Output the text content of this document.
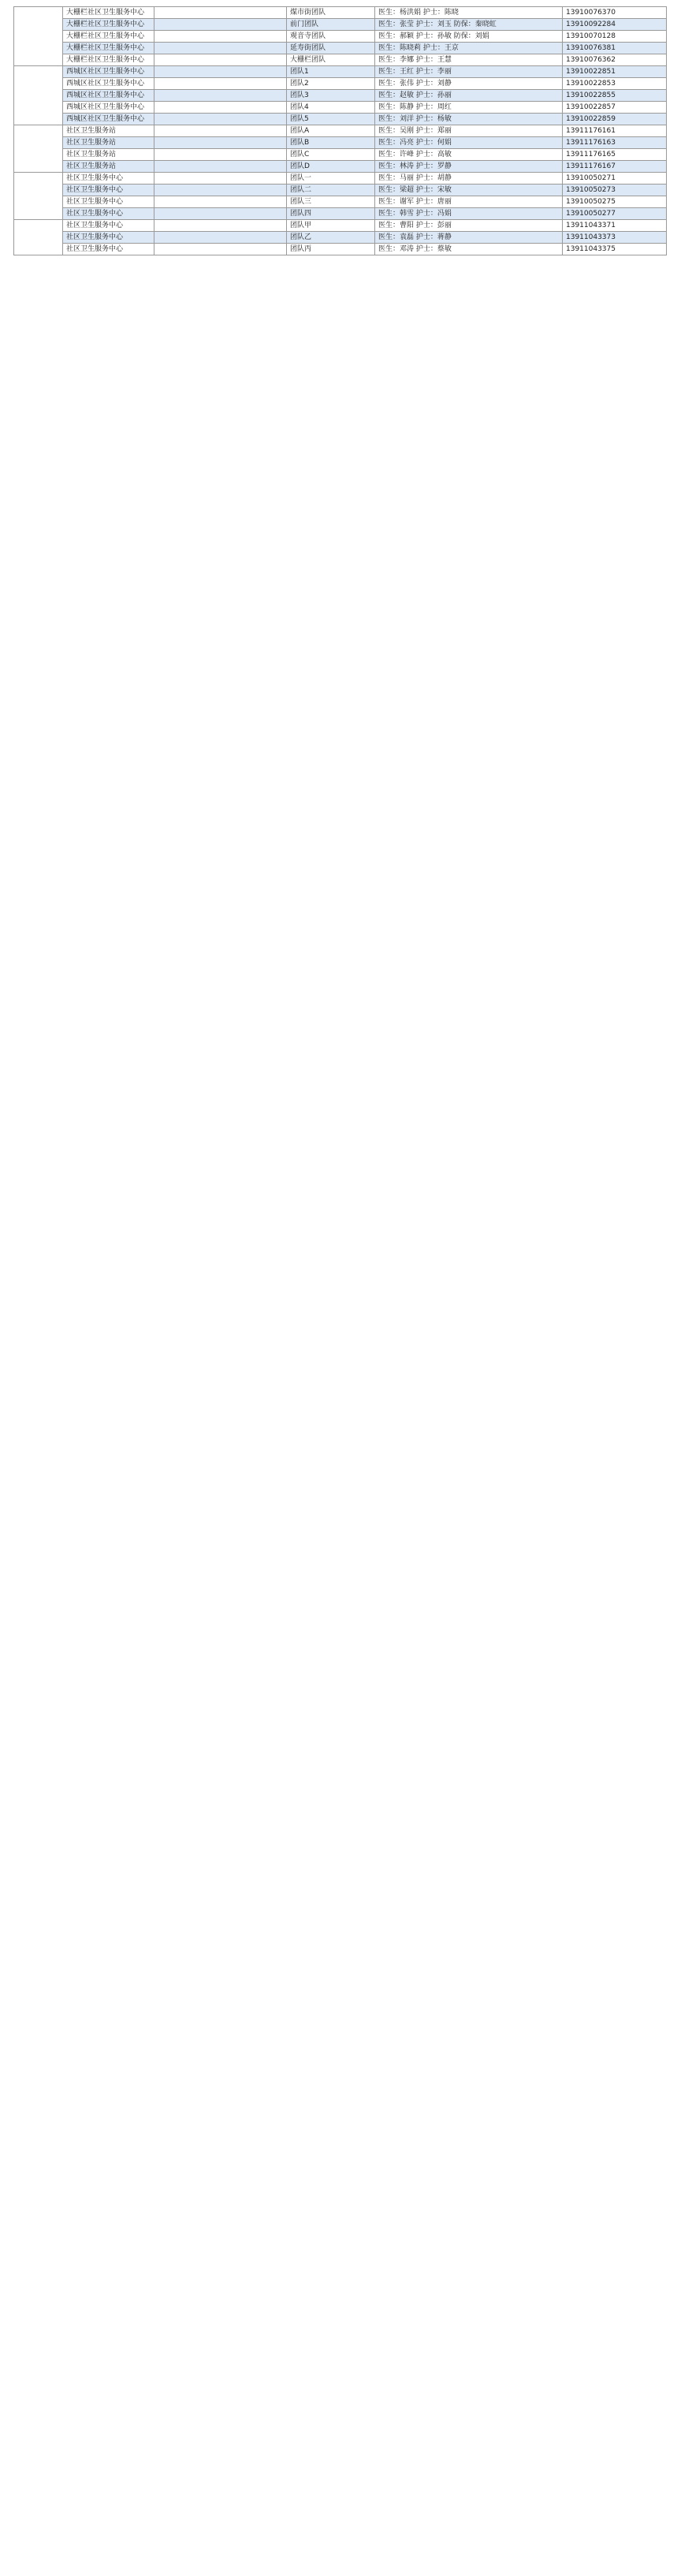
	大栅栏社区卫生服务中心		煤市街团队	医生：杨洪娟 护士：陈晓	13910076370
	大栅栏社区卫生服务中心		前门团队	医生：张莹 护士：刘玉 防保：秦晓虹	13910092284
	大栅栏社区卫生服务中心		观音寺团队	医生：郝颖 护士：孙敏 防保：刘娟	13910070128
	大栅栏社区卫生服务中心		延寿街团队	医生：陈晓莉 护士：王京	13910076381
	大栅栏社区卫生服务中心		大栅栏团队	医生：李娜 护士：王慧	13910076362
	西城区社区卫生服务中心		团队1	医生：王红 护士：李丽	13910022851
	西城区社区卫生服务中心		团队2	医生：张伟 护士：刘静	13910022853
	西城区社区卫生服务中心		团队3	医生：赵敏 护士：孙丽	13910022855
	西城区社区卫生服务中心		团队4	医生：陈静 护士：周红	13910022857
	西城区社区卫生服务中心		团队5	医生：刘洋 护士：杨敏	13910022859
	社区卫生服务站		团队A	医生：吴刚 护士：郑丽	13911176161
	社区卫生服务站		团队B	医生：冯亮 护士：何娟	13911176163
	社区卫生服务站		团队C	医生：许峰 护士：高敏	13911176165
	社区卫生服务站		团队D	医生：林涛 护士：罗静	13911176167
	社区卫生服务中心		团队一	医生：马丽 护士：胡静	13910050271
	社区卫生服务中心		团队二	医生：梁超 护士：宋敏	13910050273
	社区卫生服务中心		团队三	医生：谢军 护士：唐丽	13910050275
	社区卫生服务中心		团队四	医生：韩雪 护士：冯娟	13910050277
	社区卫生服务中心		团队甲	医生：曹阳 护士：彭丽	13911043371
	社区卫生服务中心		团队乙	医生：袁磊 护士：蒋静	13911043373
	社区卫生服务中心		团队丙	医生：邓涛 护士：蔡敏	13911043375
